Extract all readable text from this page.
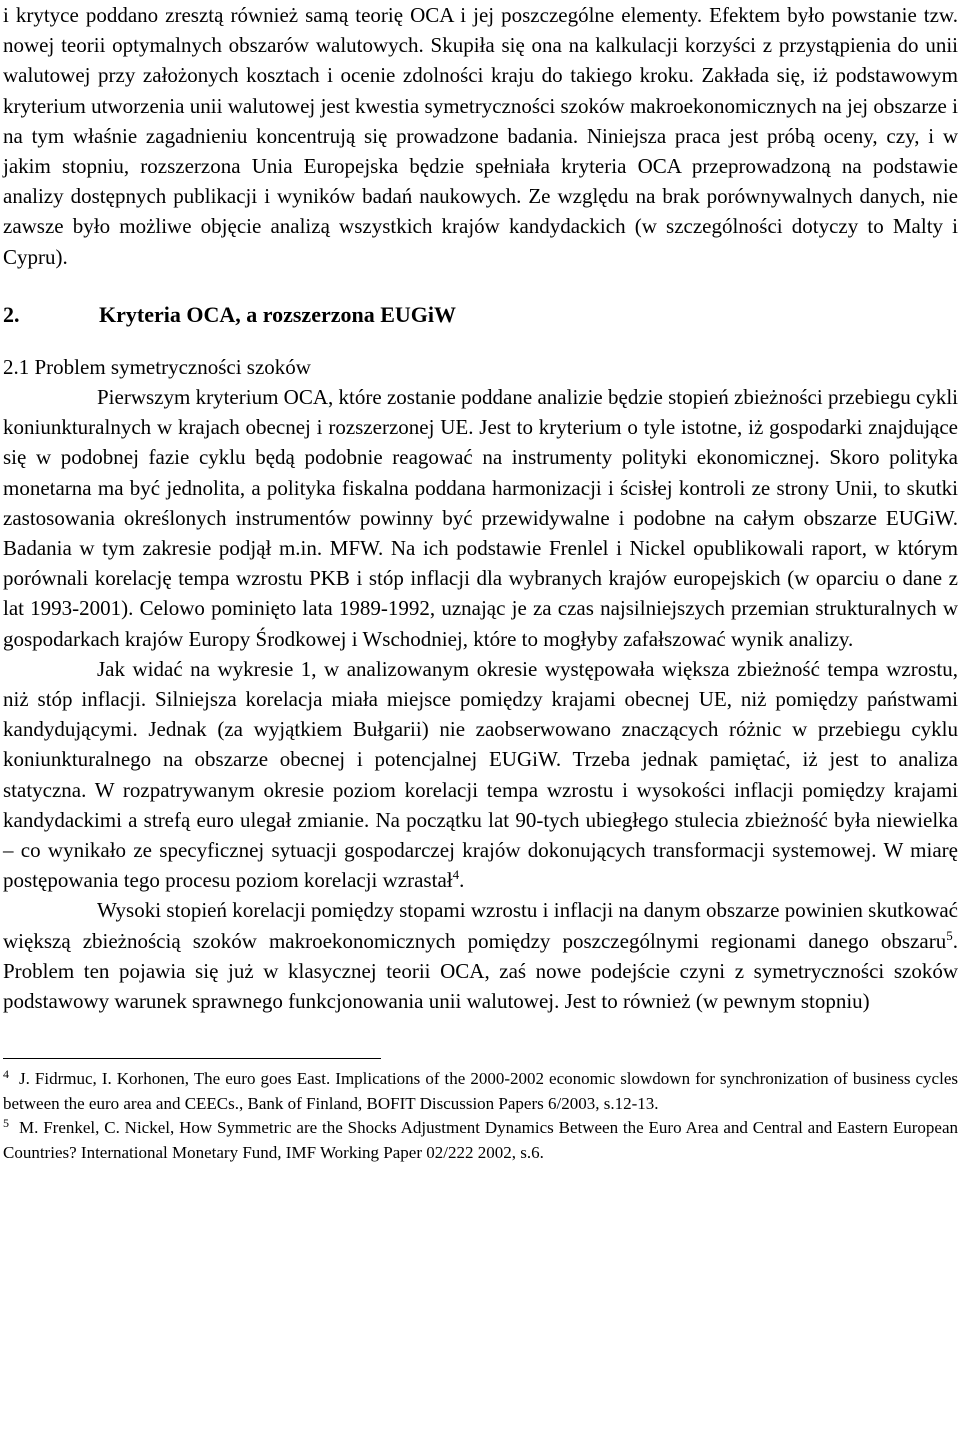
i krytyce poddano zresztą również samą teorię OCA i jej poszczególne elementy. Efektem było powstanie tzw. nowej teorii optymalnych obszarów walutowych. Skupiła się ona na kalkulacji korzyści z przystąpienia do unii walutowej przy założonych kosztach i ocenie zdolności kraju do takiego kroku. Zakłada się, iż podstawowym kryterium utworzenia unii walutowej jest kwestia symetryczności szoków makroekonomicznych na jej obszarze i na tym właśnie zagadnieniu koncentrują się prowadzone badania. Niniejsza praca jest próbą oceny, czy, i w jakim stopniu, rozszerzona Unia Europejska będzie spełniała kryteria OCA przeprowadzoną na podstawie analizy dostępnych publikacji i wyników badań naukowych. Ze względu na brak porównywalnych danych, nie zawsze było możliwe objęcie analizą wszystkich krajów kandydackich (w szczególności dotyczy to Malty i Cypru).

2.	Kryteria OCA, a rozszerzona EUGiW
2.1 Problem symetryczności szoków

Pierwszym kryterium OCA, które zostanie poddane analizie będzie stopień zbieżności przebiegu cykli koniunkturalnych w krajach obecnej i rozszerzonej UE. Jest to kryterium o tyle istotne, iż gospodarki znajdujące się w podobnej fazie cyklu będą podobnie reagować na instrumenty polityki ekonomicznej. Skoro polityka monetarna ma być jednolita, a polityka fiskalna poddana harmonizacji i ścisłej kontroli ze strony Unii, to skutki zastosowania określonych instrumentów powinny być przewidywalne i podobne na całym obszarze EUGiW. Badania w tym zakresie podjął m.in. MFW. Na ich podstawie Frenlel i Nickel opublikowali raport, w którym porównali korelację tempa wzrostu PKB i stóp inflacji dla wybranych krajów europejskich (w oparciu o dane z lat 1993-2001). Celowo pominięto lata 1989-1992, uznając je za czas najsilniejszych przemian strukturalnych w gospodarkach krajów Europy Środkowej i Wschodniej, które to mogłyby zafałszować wynik analizy.

Jak widać na wykresie 1, w analizowanym okresie występowała większa zbieżność tempa wzrostu, niż stóp inflacji. Silniejsza korelacja miała miejsce pomiędzy krajami obecnej UE, niż pomiędzy państwami kandydującymi. Jednak (za wyjątkiem Bułgarii) nie zaobserwowano znaczących różnic w przebiegu cyklu koniunkturalnego na obszarze obecnej i potencjalnej EUGiW. Trzeba jednak pamiętać, iż jest to analiza statyczna. W rozpatrywanym okresie poziom korelacji tempa wzrostu i wysokości inflacji pomiędzy krajami kandydackimi a strefą euro ulegał zmianie. Na początku lat 90-tych ubiegłego stulecia zbieżność była niewielka – co wynikało ze specyficznej sytuacji gospodarczej krajów dokonujących transformacji systemowej. W miarę postępowania tego procesu poziom korelacji wzrastał$^4$.

Wysoki stopień korelacji pomiędzy stopami wzrostu i inflacji na danym obszarze powinien skutkować większą zbieżnością szoków makroekonomicznych pomiędzy poszczególnymi regionami danego obszaru$^5$. Problem ten pojawia się już w klasycznej teorii OCA, zaś nowe podejście czyni z symetryczności szoków podstawowy warunek sprawnego funkcjonowania unii walutowej. Jest to również (w pewnym stopniu)

$^4$ J. Fidrmuc, I. Korhonen, The euro goes East. Implications of the 2000-2002 economic slowdown for synchronization of business cycles between the euro area and CEECs., Bank of Finland, BOFIT Discussion Papers 6/2003, s.12-13.

$^5$ M. Frenkel, C. Nickel, How Symmetric are the Shocks Adjustment Dynamics Between the Euro Area and Central and Eastern European Countries? International Monetary Fund, IMF Working Paper 02/222 2002, s.6.
